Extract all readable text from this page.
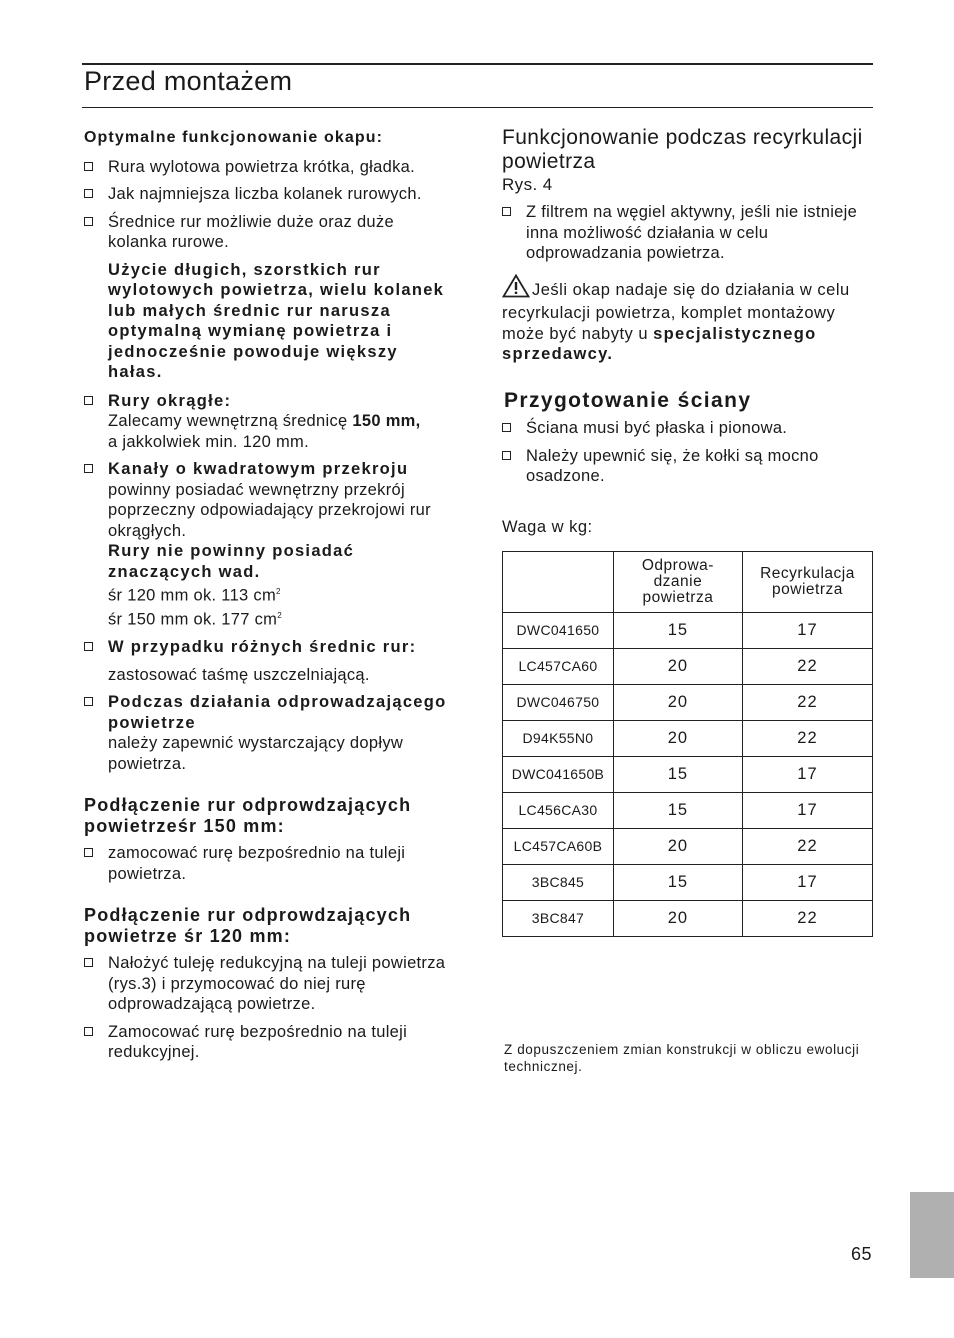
Przed montażem
Optymalne funkcjonowanie okapu:
Rura wylotowa powietrza krótka, gładka.
Jak najmniejsza liczba kolanek rurowych.
Średnice rur możliwie duże oraz duże kolanka rurowe.
Użycie długich, szorstkich rur wylotowych powietrza, wielu kolanek lub małych średnic rur narusza optymalną wymianę powietrza i jednocześnie powoduje większy hałas.
Rury okrągłe:
Zalecamy wewnętrzną średnicę 150 mm,
a jakkolwiek min. 120 mm.
Kanały o kwadratowym przekroju
powinny posiadać wewnętrzny przekrój poprzeczny odpowiadający przekrojowi rur okrągłych.
Rury nie powinny posiadać znaczących wad.
śr 120 mm ok. 113 $cm^2$
śr 150 mm ok. 177 $cm^2$
W przypadku różnych średnic rur:
zastosować taśmę uszczelniającą.
Podczas działania odprowadzającego powietrze
należy zapewnić wystarczający dopływ powietrza.
Podłączenie rur odprowdzających powietrześr 150 mm:
zamocować rurę bezpośrednio na tuleji powietrza.
Podłączenie rur odprowdzających powietrze śr 120 mm:
Nałożyć tuleję redukcyjną na tuleji powietrza (rys.3) i przymocować do niej rurę odprowadzającą powietrze.
Zamocować rurę bezpośrednio na tuleji redukcyjnej.
Funkcjonowanie podczas recyrkulacji powietrza
Rys. 4
Z filtrem na węgiel aktywny, jeśli nie istnieje inna możliwość działania w celu odprowadzania powietrza.
Jeśli okap nadaje się do działania w celu recyrkulacji powietrza, komplet montażowy może być nabyty u specjalistycznego sprzedawcy.
Przygotowanie ściany
Ściana musi być płaska i pionowa.
Należy upewnić się, że kołki są mocno osadzone.
Waga w kg:
	Odprowa-
dzanie
powietrza	Recyrkulacja powietrza
DWC041650	15	17
LC457CA60	20	22
DWC046750	20	22
D94K55N0	20	22
DWC041650B	15	17
LC456CA30	15	17
LC457CA60B	20	22
3BC845	15	17
3BC847	20	22
Z dopuszczeniem zmian konstrukcji w obliczu ewolucji technicznej.
65
